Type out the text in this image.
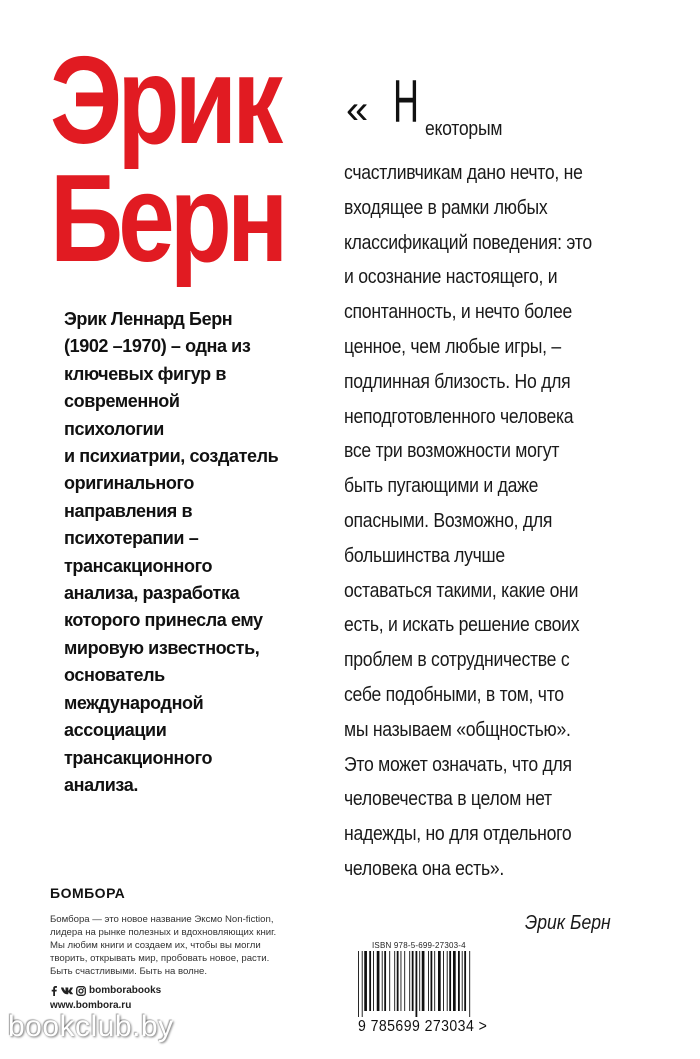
Эрик
Берн

Эрик Леннард Берн
(1902 –1970) – одна из
ключевых фигур в
современной
психологии
и психиатрии, создатель
оригинального
направления в
психотерапии –
трансакционного
анализа, разработка
которого принесла ему
мировую известность,
основатель
международной
ассоциации
трансакционного
анализа.

« Н екоторым
счастливчикам дано нечто, не
входящее в рамки любых
классификаций поведения: это
и осознание настоящего, и
спонтанность, и нечто более
ценное, чем любые игры, –
подлинная близость. Но для
неподготовленного человека
все три возможности могут
быть пугающими и даже
опасными. Возможно, для
большинства лучше
оставаться такими, какие они
есть, и искать решение своих
проблем в сотрудничестве с
себе подобными, в том, что
мы называем «общностью».
Это может означать, что для
человечества в целом нет
надежды, но для отдельного
человека она есть».
Эрик Берн
БОМБОРА
Бомбора — это новое название Эксмо Non-fiction,
лидера на рынке полезных и вдохновляющих книг.
Мы любим книги и создаем их, чтобы вы могли
творить, открывать мир, пробовать новое, расти.
Быть счастливыми. Быть на волне.
bomborabooks
www.bombora.ru
ISBN 978-5-699-27303-4
9 785699 273034 >
bookclub.by
